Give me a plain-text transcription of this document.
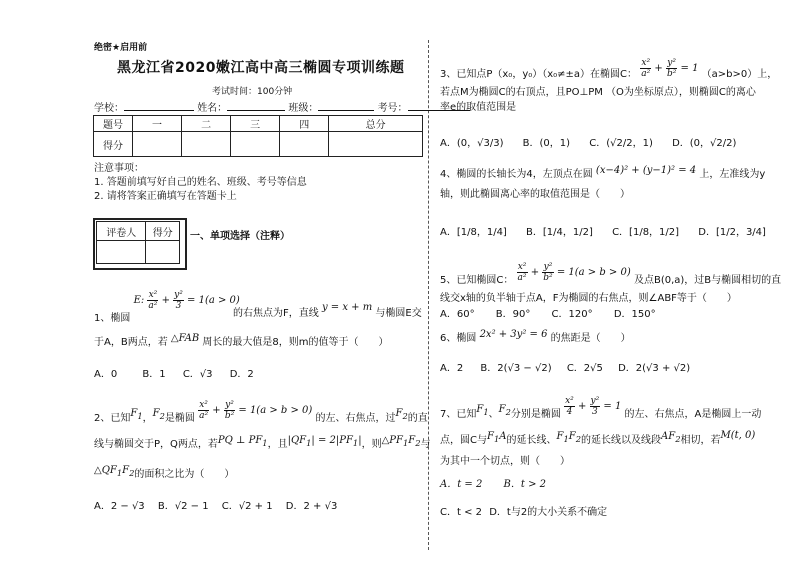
绝密★启用前
黑龙江省2020嫩江高中高三椭圆专项训练题
考试时间：100分钟
学校：	姓名：	班级：	考号：
题号	一	二	三	四	总分
得分					
注意事项：
1. 答题前填写好自己的姓名、班级、考号等信息
2. 请将答案正确填写在答题卡上
评卷人	得分
	一、单项选择（注释）
1、椭圆 E: $\frac{\text{x²}}{\text{a²}} + \frac{\text{y²}}{3} = 1(a > 0)$
的右焦点为F，直线 y = x + m 与椭圆E交
于A，B两点，若 △FAB 周长的最大值是8，则m的值等于（　　）
A．0	B．1 C．√3 D．2
2、已知$F_1$，$F_2$是椭圆 $\frac{\text{x²}}{\text{a²}} + \frac{\text{y²}}{\text{b²}} = 1(a > b > 0)$ 的左、右焦点，过$F_2$的直
线与椭圆交于P，Q两点，若PQ ⊥ $PF_1$，且$|QF_1| = 2|PF_1|$，则$\triangle PF_1F_2$与
$\triangle QF_1F_2$的面积之比为（　　）
A．2 − √3 B．√2 − 1 C．√2 + 1 D．2 + √3
3、已知点P（x₀，y₀）（x₀≠±a）在椭圆C： $\frac{\text{x²}}{\text{a²}} + \frac{\text{y²}}{\text{b²}} = 1$ （a>b>0）上，
若点M为椭圆C的右顶点，且PO⊥PM （O为坐标原点），则椭圆C的离心
率e的取值范围是
A．(0，√3/3) B．(0，1) C．(√2/2，1) D．(0，√2/2)
4、椭圆的长轴长为4，左顶点在圆 (x−4)² + (y−1)² = 4 上，左准线为y
轴，则此椭圆离心率的取值范围是（　　）
A．[1/8，1/4] B．[1/4，1/2] C．[1/8，1/2] D．[1/2，3/4]
5、已知椭圆C： $\frac{\text{x²}}{\text{a²}} + \frac{\text{y²}}{\text{b²}} = 1(a > b > 0)$ 及点B(0,a)，过B与椭圆相切的直
线交x轴的负半轴于点A，F为椭圆的右焦点，则∠ABF等于（　　）
A．60° B．90° C．120° D．150°
6、椭圆 2x² + 3y² = 6 的焦距是（　　）
A．2 B．2(√3 − √2) C．2√5 D．2(√3 + √2)
7、已知$F_1$、$F_2$分别是椭圆 $\frac{\text{x²}}{4} + \frac{\text{y²}}{3} = 1$ 的左、右焦点，A是椭圆上一动
点，圆C与$F_1A$的延长线、$F_1F_2$的延长线以及线段$AF_2$相切，若M(t, 0)
为其中一个切点，则（　　）
A．t = 2 B．t > 2
C．t < 2 D．t与2的大小关系不确定
